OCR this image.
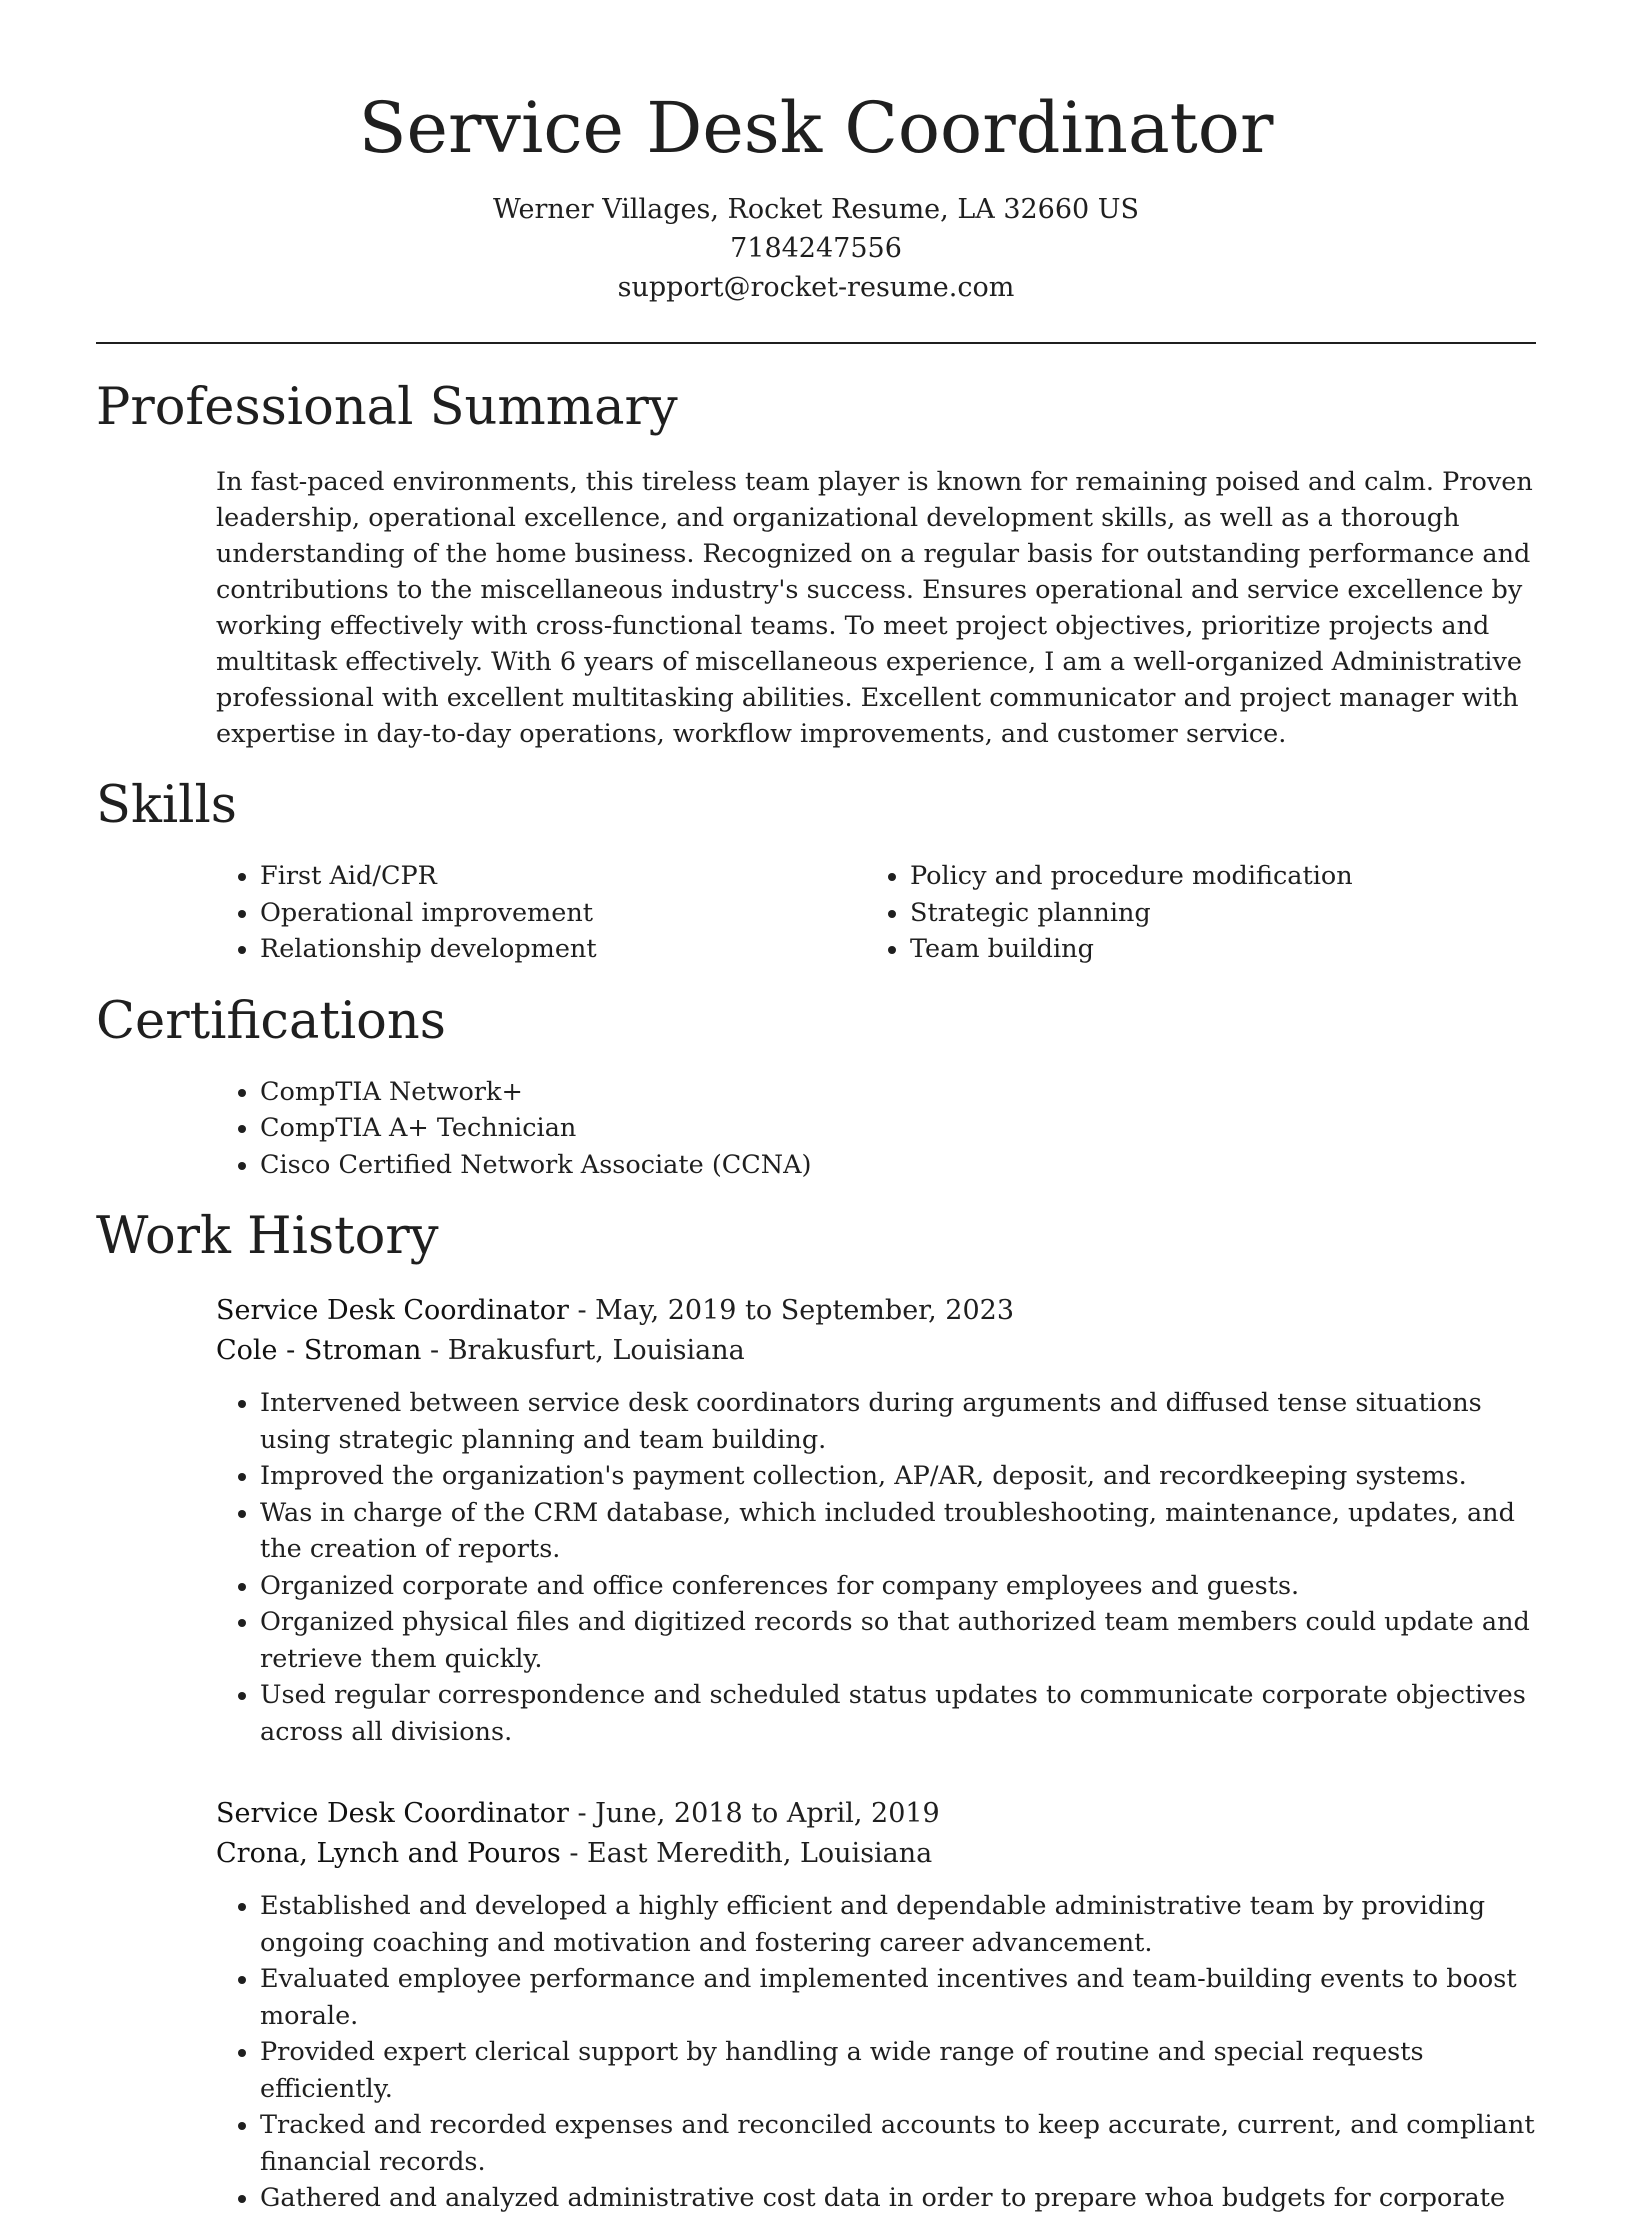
Service Desk Coordinator
Werner Villages, Rocket Resume, LA 32660 US
7184247556
support@rocket-resume.com
Professional Summary

In fast-paced environments, this tireless team player is known for remaining poised and calm. Proven leadership, operational excellence, and organizational development skills, as well as a thorough understanding of the home business. Recognized on a regular basis for outstanding performance and contributions to the miscellaneous industry's success. Ensures operational and service excellence by working effectively with cross-functional teams. To meet project objectives, prioritize projects and multitask effectively. With 6 years of miscellaneous experience, I am a well-organized Administrative professional with excellent multitasking abilities. Excellent communicator and project manager with expertise in day-to-day operations, workflow improvements, and customer service.

Skills
• First Aid/CPR
• Operational improvement
• Relationship development
• Policy and procedure modification
• Strategic planning
• Team building
Certifications
• CompTIA Network+
• CompTIA A+ Technician
• Cisco Certified Network Associate (CCNA)
Work History
Service Desk Coordinator - May, 2019 to September, 2023
Cole - Stroman - Brakusfurt, Louisiana
• Intervened between service desk coordinators during arguments and diffused tense situations using strategic planning and team building.
• Improved the organization's payment collection, AP/AR, deposit, and recordkeeping systems.
• Was in charge of the CRM database, which included troubleshooting, maintenance, updates, and the creation of reports.
• Organized corporate and office conferences for company employees and guests.
• Organized physical files and digitized records so that authorized team members could update and retrieve them quickly.
• Used regular correspondence and scheduled status updates to communicate corporate objectives across all divisions.
Service Desk Coordinator - June, 2018 to April, 2019
Crona, Lynch and Pouros - East Meredith, Louisiana
• Established and developed a highly efficient and dependable administrative team by providing ongoing coaching and motivation and fostering career advancement.
• Evaluated employee performance and implemented incentives and team-building events to boost morale.
• Provided expert clerical support by handling a wide range of routine and special requests efficiently.
• Tracked and recorded expenses and reconciled accounts to keep accurate, current, and compliant financial records.
• Gathered and analyzed administrative cost data in order to prepare whoa budgets for corporate
